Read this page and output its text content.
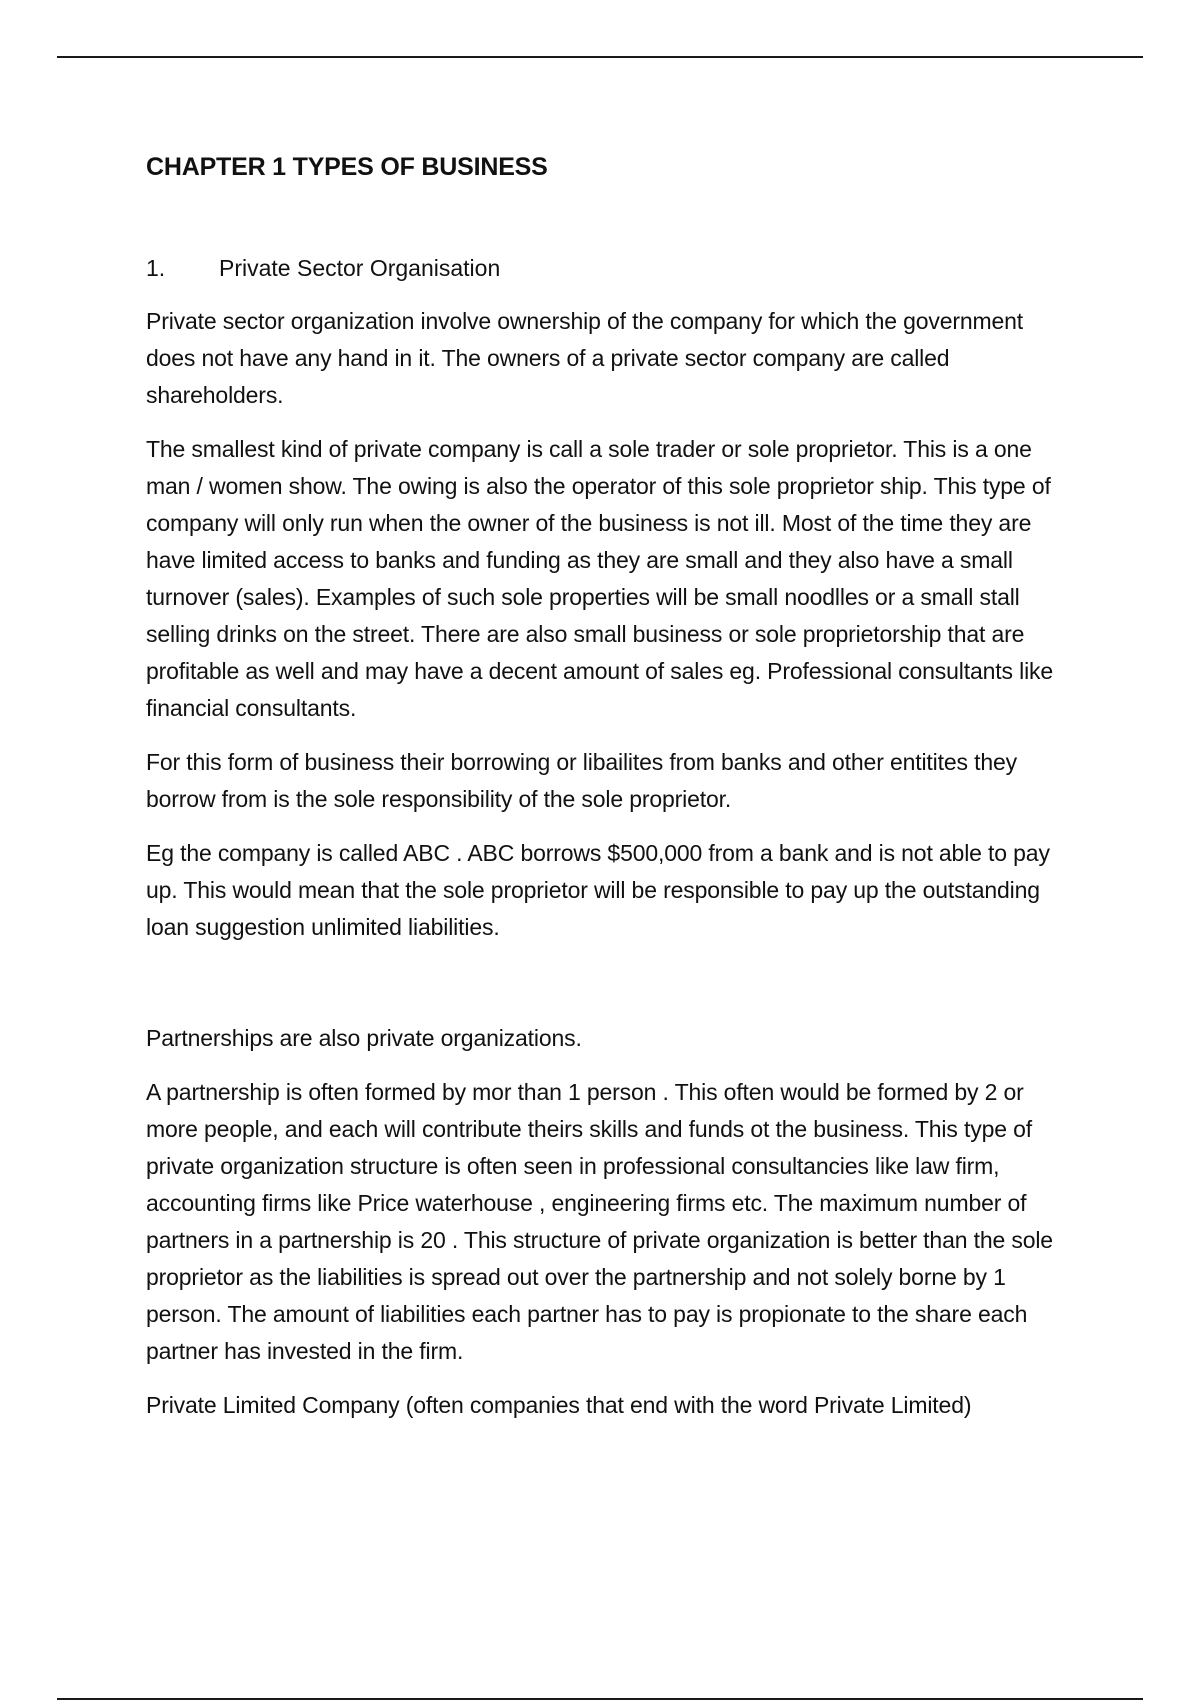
CHAPTER 1 TYPES OF BUSINESS
1.	Private Sector Organisation

Private sector organization involve ownership of the company for which the government does not have any hand in it. The owners of a private sector company are called shareholders.

The smallest kind of private company is call a sole trader or sole proprietor. This is a one man / women show. The owing is also the operator of this sole proprietor ship. This type of company will only run when the owner of the business is not ill. Most of the time they are have limited access to banks and funding as they are small and they also have a small turnover (sales). Examples of such sole properties will be small noodlles or a small stall selling drinks on the street. There are also small business or sole proprietorship that are profitable as well and may have a decent amount of sales eg. Professional consultants like financial consultants.

For this form of business their borrowing or libailites from banks and other entitites they borrow from is the sole responsibility of the sole proprietor.

Eg the company is called ABC . ABC borrows $500,000 from a bank and is not able to pay up. This would mean that the sole proprietor will be responsible to pay up the outstanding loan suggestion unlimited liabilities.

Partnerships are also private organizations.

A partnership is often formed by mor than 1 person . This often would be formed by 2 or more people, and each will contribute theirs skills and funds ot the business. This type of private organization structure is often seen in professional consultancies like law firm, accounting firms like Price waterhouse , engineering firms etc. The maximum number of partners in a partnership is 20 . This structure of private organization is better than the sole proprietor as the liabilities is spread out over the partnership and not solely borne by 1 person. The amount of liabilities each partner has to pay is propionate to the share each partner has invested in the firm.

Private Limited Company (often companies that end with the word Private Limited)
